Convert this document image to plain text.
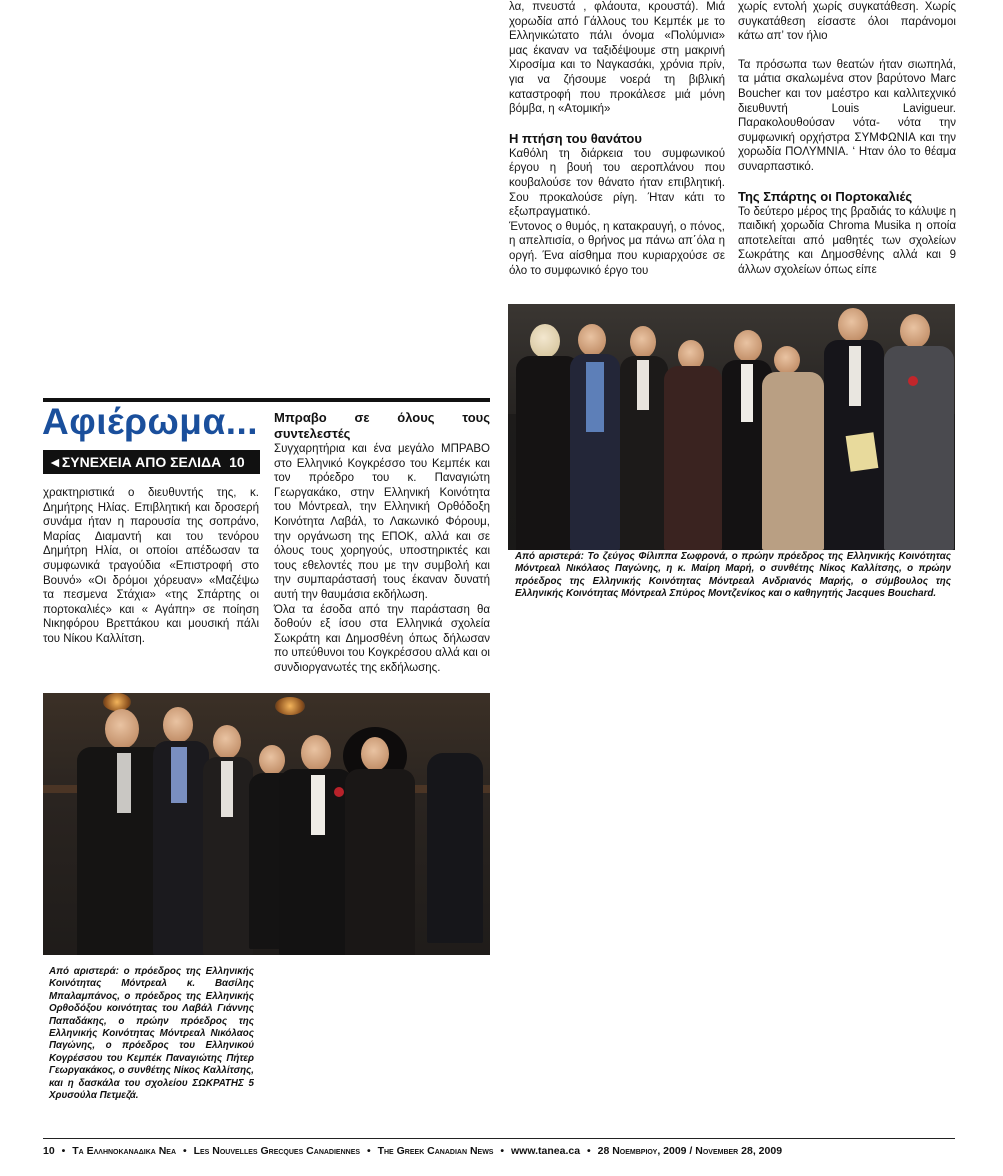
λα, πνευστά , φλάουτα, κρουστά). Μιά χορωδία από Γάλλους του Κεμπέκ με το Ελληνικώτατο πάλι όνομα «Πολύμνια» μας έκαναν να ταξιδέψουμε στη μακρινή Χιροσίμα και το Ναγκασάκι, χρόνια πρίν, για να ζήσουμε νοερά τη βιβλική καταστροφή που προκάλεσε μιά μόνη βόμβα, η «Ατομική»

Η πτήση του θανάτου

Καθόλη τη διάρκεια του συμφωνικού έργου η βουή του αεροπλάνου που κουβαλούσε τον θάνατο ήταν επιβλητική. Σου προκαλούσε ρίγη. Ήταν κάτι το εξωπραγματικό.

Έντονος ο θυμός, η κατακραυγή, ο πόνος, η απελπισία, ο θρήνος μα πάνω απ΄όλα η οργή. Ένα αίσθημα που κυριαρχούσε σε όλο το συμφωνικό έργο του

χωρίς εντολή χωρίς συγκατάθεση. Χωρίς συγκατάθεση είσαστε όλοι παράνομοι κάτω απ’ τον ήλιο

Τα πρόσωπα των θεατών ήταν σιωπηλά, τα μάτια σκαλωμένα στον βαρύτονο Marc Boucher και τον μαέστρο και καλλιτεχνικό διευθυντή Louis Lavigueur. Παρακολουθούσαν νότα- νότα την συμφωνική ορχήστρα ΣΥΜΦΩΝΙΑ και την χορωδία ΠΟΛΥΜΝΙΑ. ‘ Ηταν όλο το θέαμα συναρπαστικό.

Της Σπάρτης οι Πορτοκαλιές

Το δεύτερο μέρος της βραδιάς το κάλυψε η παιδική χορωδία Chroma Musika η οποία αποτελείται από μαθητές των σχολείων Σωκράτης και Δημοσθένης αλλά και 9 άλλων σχολείων όπως είπε

Αφιέρωμα...
◄ΣΥΝΕΧΕΙΑ ΑΠΟ ΣΕΛΙΔΑ 10

χρακτηριστικά ο διευθυντής της, κ. Δημήτρης Ηλίας. Επιβλητική και δροσερή συνάμα ήταν η παρουσία της σοπράνο, Μαρίας Διαμαντή και του τενόρου Δημήτρη Ηλία, οι οποίοι απέδωσαν τα συμφωνικά τραγούδια «Επιστροφή στο Βουνό» «Οι δρόμοι χόρευαν» «Μαζέψω τα πεσμενα Στάχια» «της Σπάρτης οι πορτοκαλιές» και « Αγάπη» σε ποίηση Νικηφόρου Βρεττάκου και μουσική πάλι του Νίκου Καλλίτση.

Μπραβο σε όλους τους συντελεστές

Συγχαρητήρια και ένα μεγάλο ΜΠΡΑΒΟ στο Ελληνικό Κογκρέσσο του Κεμπέκ και τον πρόεδρο του κ. Παναγιώτη Γεωργακάκο, στην Ελληνική Κοινότητα του Μόντρεαλ, την Ελληνική Ορθόδοξη Κοινότητα Λαβάλ, το Λακωνικό Φόρουμ, την οργάνωση της ΕΠΟΚ, αλλά και σε όλους τους χορηγούς, υποστηρικτές και τους εθελοντές που με την συμβολή και την συμπαράστασή τους έκαναν δυνατή αυτή την θαυμάσια εκδήλωση.

Όλα τα έσοδα από την παράσταση θα δοθούν εξ ίσου στα Ελληνικά σχολεία Σωκράτη και Δημοσθένη όπως δήλωσαν πο υπεύθυνοι του Κογκρέσσου αλλά και οι συνδιοργανωτές της εκδήλωσης.

Από αριστερά: Το ζεύγος Φίλιππα Σωφρονά, ο πρώην πρόεδρος της Ελληνικής Κοινότητας Μόντρεαλ Νικόλαος Παγώνης, η κ. Μαίρη Μαρή, ο συνθέτης Νίκος Καλλίτσης, ο πρώην πρόεδρος της Ελληνικής Κοινότητας Μόντρεαλ Ανδριανός Μαρής, ο σύμβουλος της Ελληνικής Κοινότητας Μόντρεαλ Σπύρος Μοντζενίκος και ο καθηγητής Jacques Bouchard.
Από αριστερά: ο πρόεδρος της Ελληνικής Κοινότητας Μόντρεαλ κ. Βασίλης Μπαλαμπάνος, ο πρόεδρος της Ελληνικής Ορθοδόξου κοινότητας του Λαβάλ Γιάννης Παπαδάκης, ο πρώην πρόεδρος της Ελληνικής Κοινότητας Μόντρεαλ Νικόλαος Παγώνης, ο πρόεδρος του Ελληνικού Κογρέσσου του Κεμπέκ Παναγιώτης Πήτερ Γεωργακάκος, ο συνθέτης Νίκος Καλλίτσης, και η δασκάλα του σχολείου ΣΩΚΡΑΤΗΣ 5 Χρυσούλα Πετμεζά.
10 • Τα Ελληνοκαναδικα Νεα • Les Nouvelles Grecques Canadiennes • The Greek Canadian News • www.tanea.ca • 28 Νοεμβριου, 2009 / November 28, 2009
